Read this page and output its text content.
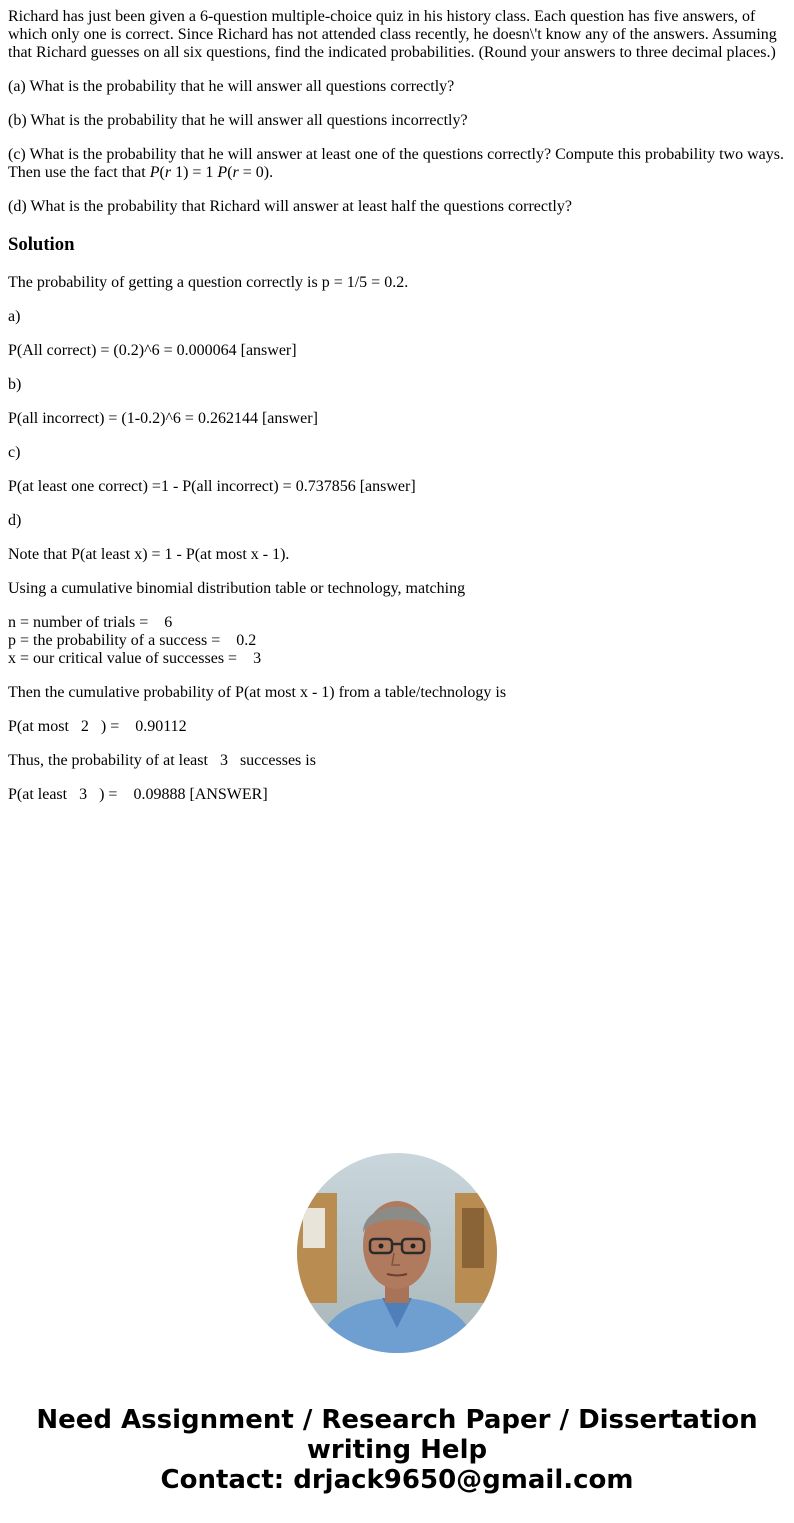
Richard has just been given a 6-question multiple-choice quiz in his history class. Each question has five answers, of which only one is correct. Since Richard has not attended class recently, he doesn\'t know any of the answers. Assuming that Richard guesses on all six questions, find the indicated probabilities. (Round your answers to three decimal places.)

(a) What is the probability that he will answer all questions correctly?

(b) What is the probability that he will answer all questions incorrectly?

(c) What is the probability that he will answer at least one of the questions correctly? Compute this probability two ways. Then use the fact that P(r 1) = 1 P(r = 0).

(d) What is the probability that Richard will answer at least half the questions correctly?

Solution

The probability of getting a question correctly is p = 1/5 = 0.2.

a)

P(All correct) = (0.2)^6 = 0.000064 [answer]

b)

P(all incorrect) = (1-0.2)^6 = 0.262144 [answer]

c)

P(at least one correct) =1 - P(all incorrect) = 0.737856 [answer]

d)

Note that P(at least x) = 1 - P(at most x - 1).

Using a cumulative binomial distribution table or technology, matching

n = number of trials =    6
p = the probability of a success =    0.2
x = our critical value of successes =    3

Then the cumulative probability of P(at most x - 1) from a table/technology is

P(at most   2   ) =    0.90112

Thus, the probability of at least   3   successes is

P(at least   3   ) =    0.09888 [ANSWER]

Need Assignment / Research Paper / Dissertation
writing Help
Contact: drjack9650@gmail.com
